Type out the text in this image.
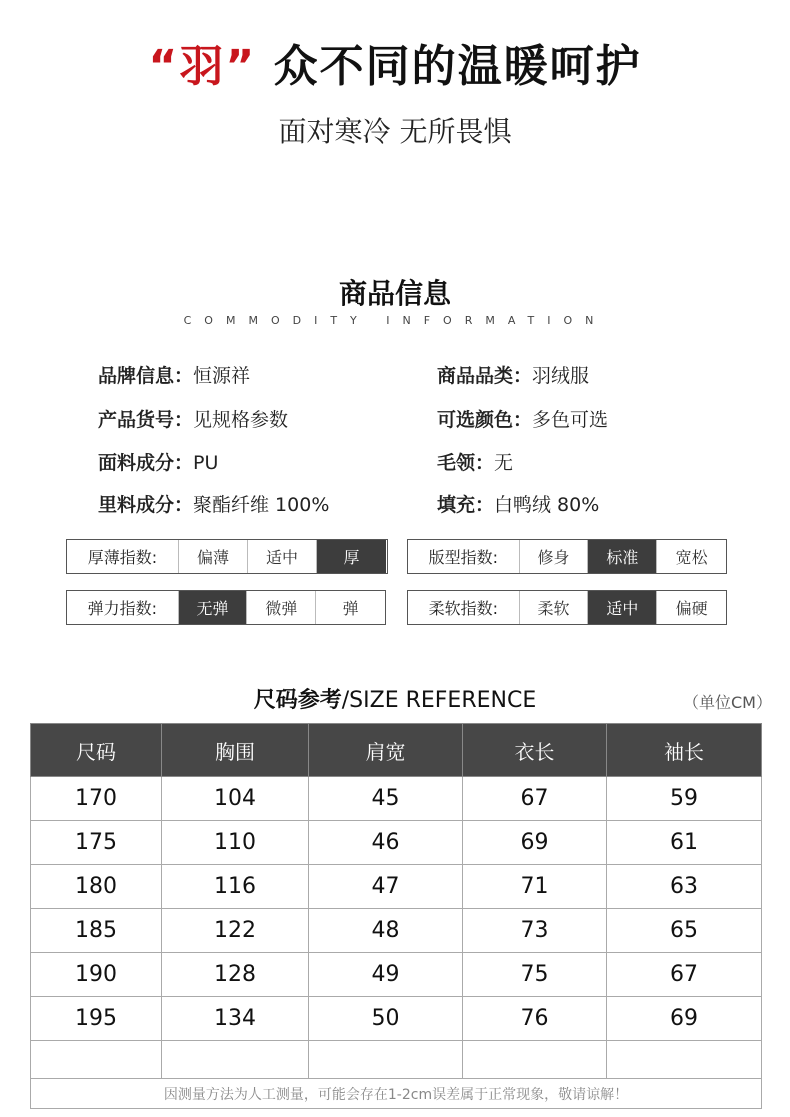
“羽” 众不同的温暖呵护
面对寒冷 无所畏惧
商品信息
COMMODITY INFORMATION
品牌信息：恒源祥	商品品类：羽绒服
产品货号：见规格参数	可选颜色：多色可选
面料成分：PU	毛领：无
里料成分：聚酯纤维 100%	填充：白鸭绒 80%
厚薄指数:	偏薄	适中	厚	版型指数:	修身	标准	宽松
弹力指数:	无弹	微弹	弹	柔软指数:	柔软	适中	偏硬
尺码参考/SIZE REFERENCE	（单位CM）
尺码	胸围	肩宽	衣长	袖长
170	104	45	67	59
175	110	46	69	61
180	116	47	71	63
185	122	48	73	65
190	128	49	75	67
195	134	50	76	69

因测量方法为人工测量，可能会存在1-2cm误差属于正常现象，敬请谅解！				
